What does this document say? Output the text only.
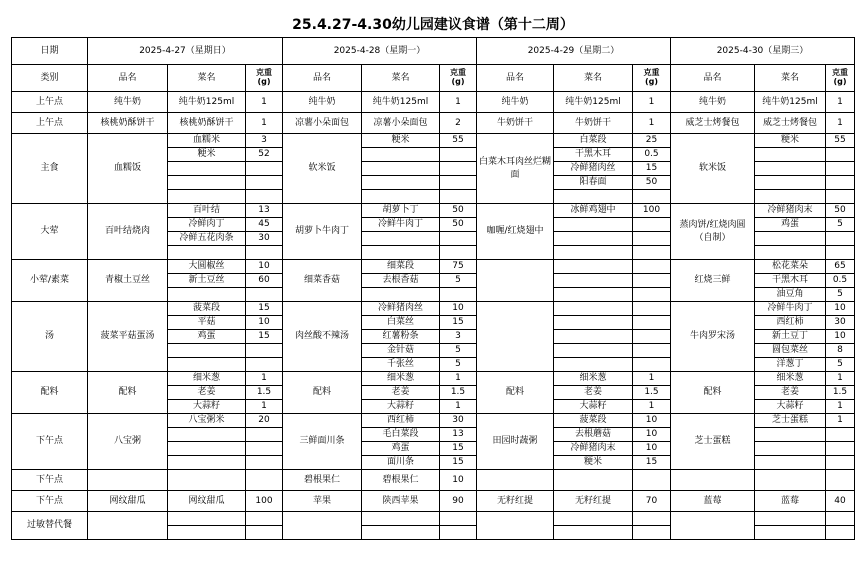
25.4.27-4.30幼儿园建议食谱（第十二周）
日期	2025-4-27（星期日）			2025-4-28（星期一）			2025-4-29（星期二）			2025-4-30（星期三）		
类别	品名	菜名	克重(g)	品名	菜名	克重(g)	品名	菜名	克重(g)	品名	菜名	克重(g)
上午点	纯牛奶	纯牛奶125ml	1	纯牛奶	纯牛奶125ml	1	纯牛奶	纯牛奶125ml	1	纯牛奶	纯牛奶125ml	1
上午点	核桃奶酥饼干	核桃奶酥饼干	1	凉薯小朵面包	凉薯小朵面包	2	牛奶饼干	牛奶饼干	1	威芝士烤餐包	威芝士烤餐包	1
主食	血糯饭	血糯米	3	软米饭	粳米	55	白菜木耳肉丝烂糊面	白菜段	25	软米饭	粳米	55
		粳米	52					干黑木耳	0.5			
								冷鲜猪肉丝	15			
								阳春面	50			

大荤	百叶结烧肉	百叶结	13	胡萝卜牛肉丁	胡萝卜丁	50	咖喱/红烧翅中	冰鲜鸡翅中	100	蒸肉饼/红烧肉圆（自制）	冷鲜猪肉末	50
		冷鲜肉丁	45		冷鲜牛肉丁	50					鸡蛋	5
		冷鲜五花肉条	30									

小荤/素菜	青椒土豆丝	大圆椒丝	10	细菜香菇	细菜段	75				红烧三鲜	松花菜朵	65
		新土豆丝	60		去根香菇	5					干黑木耳	0.5
											油豆角	5
汤	菠菜平菇蛋汤	菠菜段	15	肉丝酸不辣汤	冷鲜猪肉丝	10				牛肉罗宋汤	冷鲜牛肉丁	10
		平菇	10		白菜丝	15					西红柿	30
		鸡蛋	15		红薯粉条	3					新土豆丁	10
					金针菇	5					圆包菜丝	8
					千张丝	5					洋葱丁	5
配料	配料	细米葱	1	配料	细米葱	1	配料	细米葱	1	配料	细米葱	1
		老姜	1.5		老姜	1.5		老姜	1.5		老姜	1.5
		大蒜籽	1		大蒜籽	1		大蒜籽	1		大蒜籽	1
下午点	八宝粥	八宝粥米	20	三鲜面川条	西红柿	30	田园时蔬粥	菠菜段	10	芝士蛋糕	芝士蛋糕	1
					毛白菜段	13		去根蘑菇	10			
					鸡蛋	15		冷鲜猪肉末	10			
					面川条	15		粳米	15			
下午点				碧根果仁	碧根果仁	10						
下午点	网纹甜瓜	网纹甜瓜	100	苹果	陕西苹果	90	无籽红提	无籽红提	70	蓝莓	蓝莓	40
过敏替代餐												
